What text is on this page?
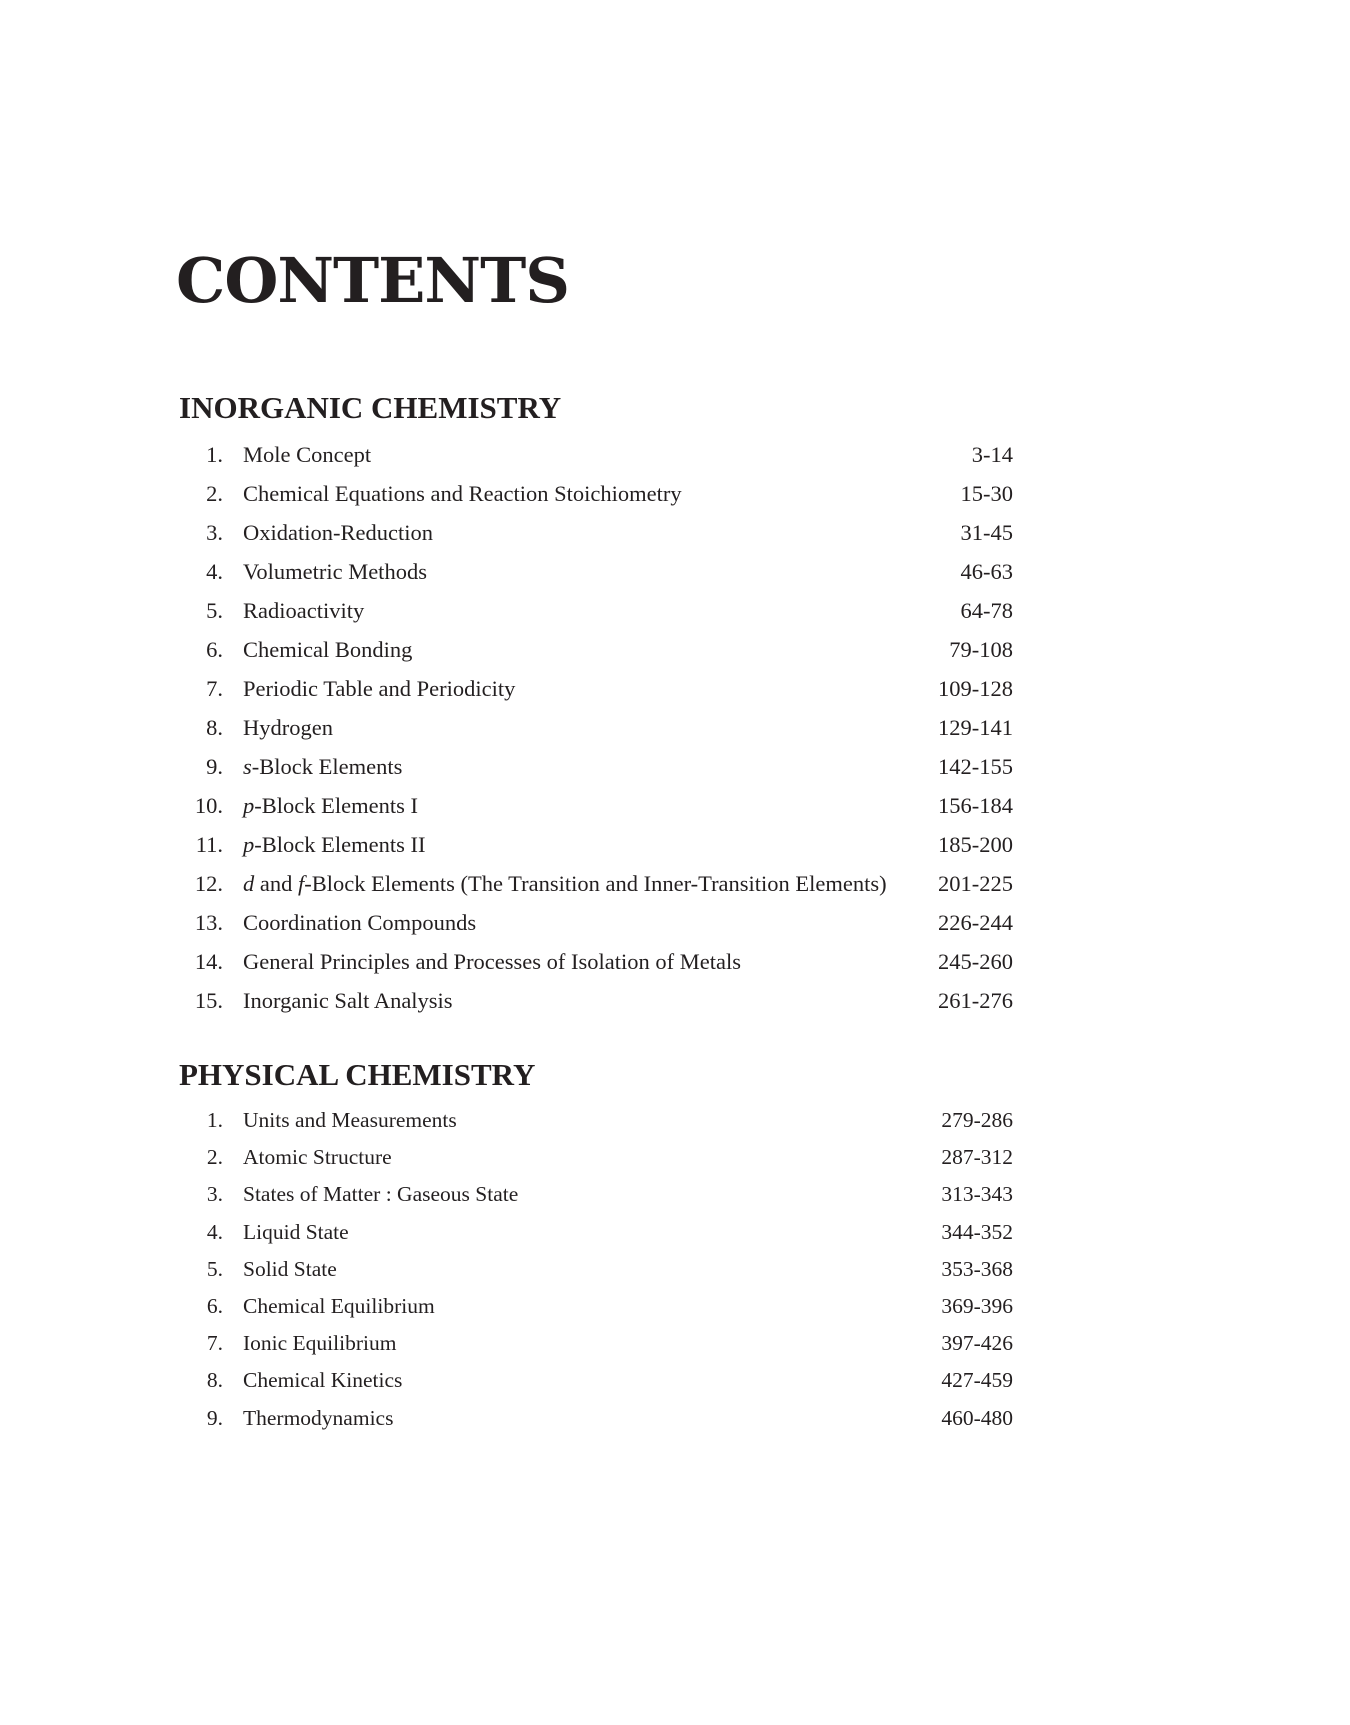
CONTENTS
INORGANIC CHEMISTRY
1. Mole Concept	3-14
2. Chemical Equations and Reaction Stoichiometry	15-30
3. Oxidation-Reduction	31-45
4. Volumetric Methods	46-63
5. Radioactivity	64-78
6. Chemical Bonding	79-108
7. Periodic Table and Periodicity	109-128
8. Hydrogen	129-141
9. s-Block Elements	142-155
10. p-Block Elements I	156-184
11. p-Block Elements II	185-200
12. d and f-Block Elements (The Transition and Inner-Transition Elements) 201-225
13. Coordination Compounds	226-244
14. General Principles and Processes of Isolation of Metals	245-260
15. Inorganic Salt Analysis	261-276
PHYSICAL CHEMISTRY
1. Units and Measurements	279-286
2. Atomic Structure	287-312
3. States of Matter : Gaseous State	313-343
4. Liquid State	344-352
5. Solid State	353-368
6. Chemical Equilibrium	369-396
7. Ionic Equilibrium	397-426
8. Chemical Kinetics	427-459
9. Thermodynamics	460-480
